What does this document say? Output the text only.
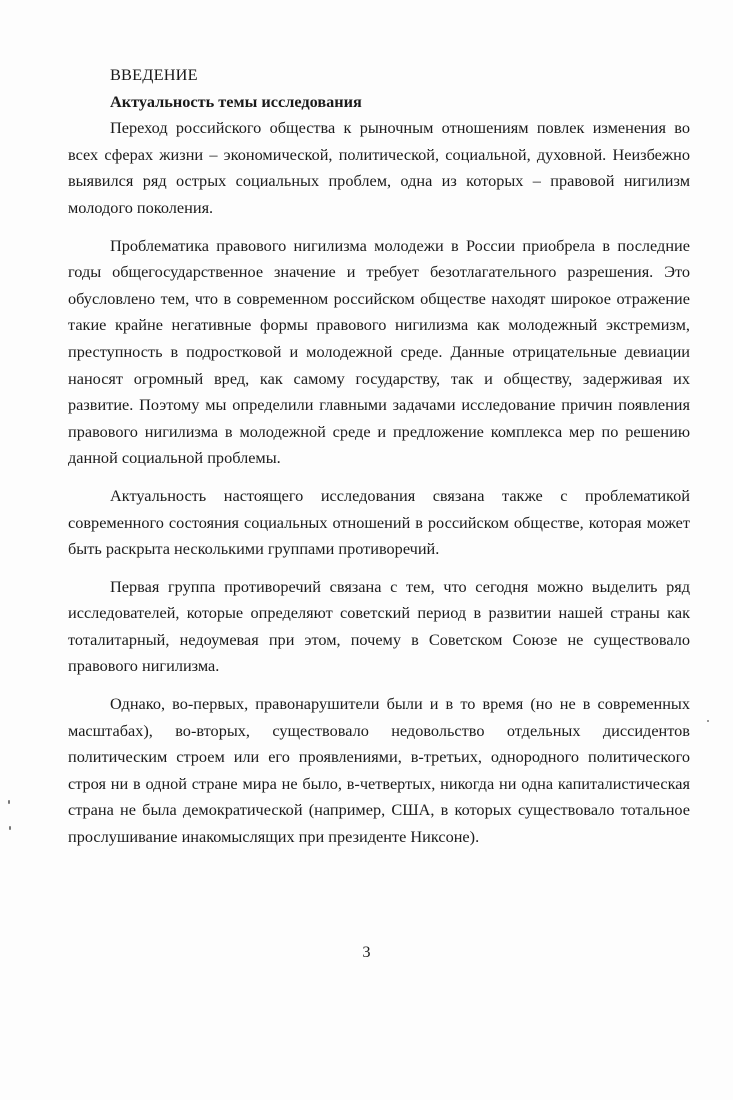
ВВЕДЕНИЕ
Актуальность темы исследования

Переход российского общества к рыночным отношениям повлек изменения во всех сферах жизни – экономической, политической, социальной, духовной. Неизбежно выявился ряд острых социальных проблем, одна из которых – правовой нигилизм молодого поколения.

Проблематика правового нигилизма молодежи в России приобрела в последние годы общегосударственное значение и требует безотлагательного разрешения. Это обусловлено тем, что в современном российском обществе находят широкое отражение такие крайне негативные формы правового нигилизма как молодежный экстремизм, преступность в подростковой и молодежной среде. Данные отрицательные девиации наносят огромный вред, как самому государству, так и обществу, задерживая их развитие. Поэтому мы определили главными задачами исследование причин появления правового нигилизма в молодежной среде и предложение комплекса мер по решению данной социальной проблемы.

Актуальность настоящего исследования связана также с проблематикой современного состояния социальных отношений в российском обществе, которая может быть раскрыта несколькими группами противоречий.

Первая группа противоречий связана с тем, что сегодня можно выделить ряд исследователей, которые определяют советский период в развитии нашей страны как тоталитарный, недоумевая при этом, почему в Советском Союзе не существовало правового нигилизма.

Однако, во-первых, правонарушители были и в то время (но не в современных масштабах), во-вторых, существовало недовольство отдельных диссидентов политическим строем или его проявлениями, в-третьих, однородного политического строя ни в одной стране мира не было, в-четвертых, никогда ни одна капиталистическая страна не была демократической (например, США, в которых существовало тотальное прослушивание инакомыслящих при президенте Никсоне).

3
